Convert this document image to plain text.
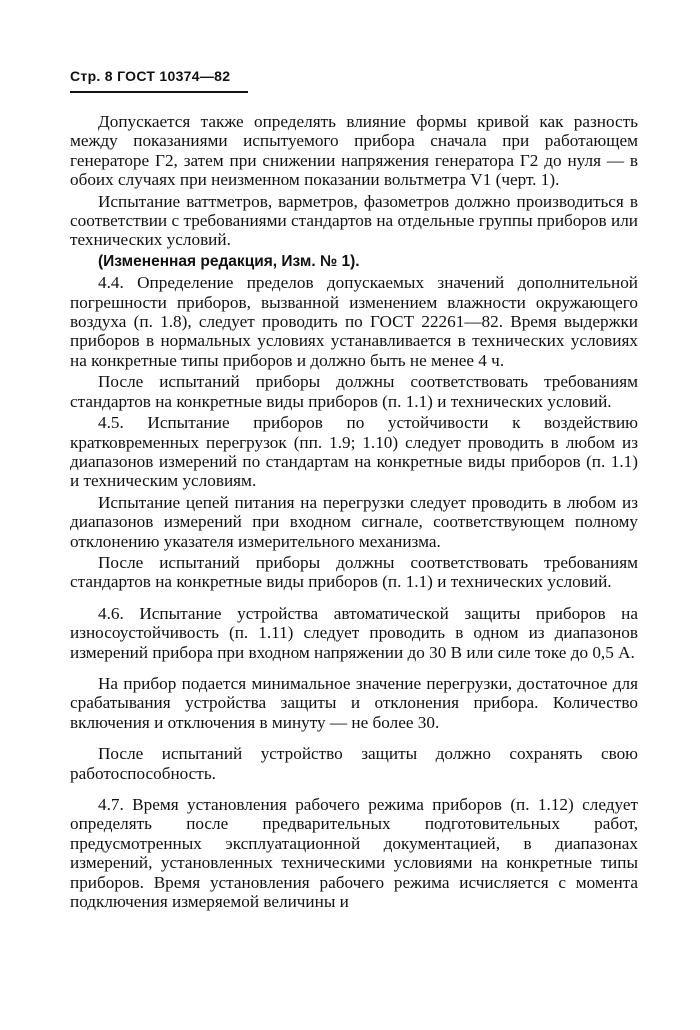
Стр. 8 ГОСТ 10374—82

Допускается также определять влияние формы кривой как разность между показаниями испытуемого прибора сначала при работающем генераторе Г2, затем при снижении напряжения генератора Г2 до нуля — в обоих случаях при неизменном показании вольтметра V1 (черт. 1).

Испытание ваттметров, варметров, фазометров должно производиться в соответствии с требованиями стандартов на отдельные группы приборов или технических условий.

(Измененная редакция, Изм. № 1).

4.4. Определение пределов допускаемых значений дополнительной погрешности приборов, вызванной изменением влажности окружающего воздуха (п. 1.8), следует проводить по ГОСТ 22261—82. Время выдержки приборов в нормальных условиях устанавливается в технических условиях на конкретные типы приборов и должно быть не менее 4 ч.

После испытаний приборы должны соответствовать требованиям стандартов на конкретные виды приборов (п. 1.1) и технических условий.

4.5. Испытание приборов по устойчивости к воздействию кратковременных перегрузок (пп. 1.9; 1.10) следует проводить в любом из диапазонов измерений по стандартам на конкретные виды приборов (п. 1.1) и техническим условиям.

Испытание цепей питания на перегрузки следует проводить в любом из диапазонов измерений при входном сигнале, соответствующем полному отклонению указателя измерительного механизма.

После испытаний приборы должны соответствовать требованиям стандартов на конкретные виды приборов (п. 1.1) и технических условий.

4.6. Испытание устройства автоматической защиты приборов на износоустойчивость (п. 1.11) следует проводить в одном из диапазонов измерений прибора при входном напряжении до 30 В или силе токе до 0,5 А.

На прибор подается минимальное значение перегрузки, достаточное для срабатывания устройства защиты и отклонения прибора. Количество включения и отключения в минуту — не более 30.

После испытаний устройство защиты должно сохранять свою работоспособность.

4.7. Время установления рабочего режима приборов (п. 1.12) следует определять после предварительных подготовительных работ, предусмотренных эксплуатационной документацией, в диапазонах измерений, установленных техническими условиями на конкретные типы приборов. Время установления рабочего режима исчисляется с момента подключения измеряемой величины и
